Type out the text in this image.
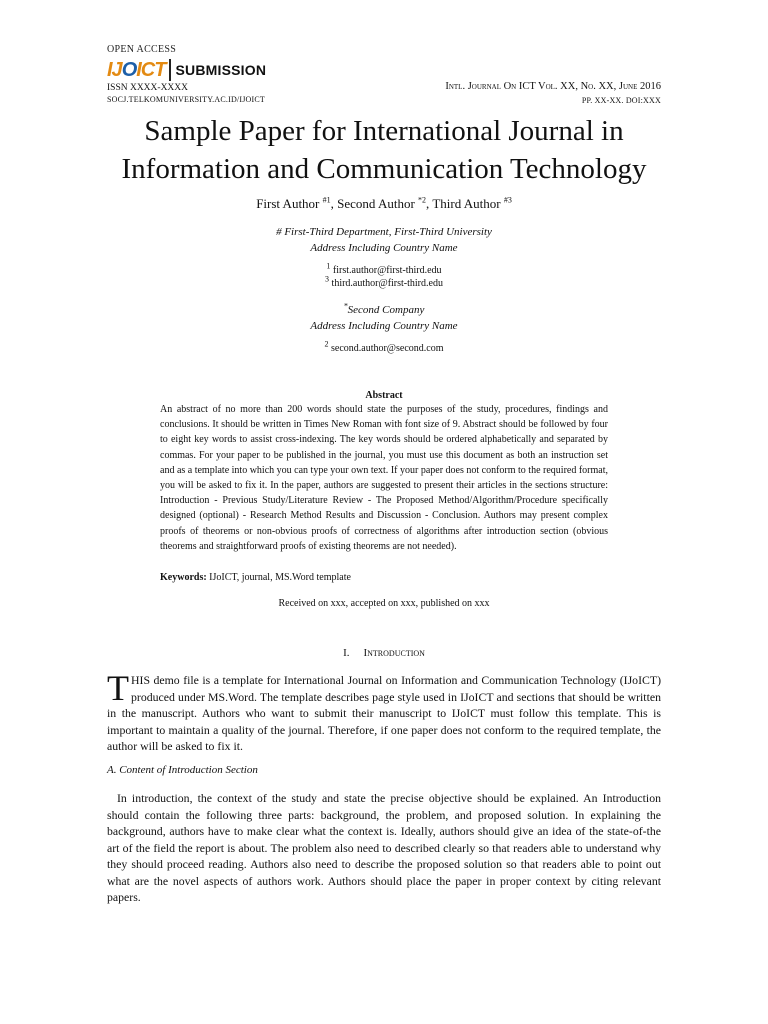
OPEN ACCESS
IJOICT SUBMISSION
ISSN XXXX-XXXX
SOCJ.TELKOMUNIVERSITY.AC.ID/IJOICT
Intl. Journal On ICT Vol. XX, No. XX, June 2016
PP. XX-XX. DOI:XXX
Sample Paper for International Journal in Information and Communication Technology
First Author $^{\#1}$, Second Author $^{*2}$, Third Author $^{\#3}$
# First-Third Department, First-Third University
Address Including Country Name
$^1$ first.author@first-third.edu
$^3$ third.author@first-third.edu
*Second Company
Address Including Country Name
$^2$ second.author@second.com
Abstract
An abstract of no more than 200 words should state the purposes of the study, procedures, findings and conclusions. It should be written in Times New Roman with font size of 9. Abstract should be followed by four to eight key words to assist cross-indexing. The key words should be ordered alphabetically and separated by commas. For your paper to be published in the journal, you must use this document as both an instruction set and as a template into which you can type your own text. If your paper does not conform to the required format, you will be asked to fix it. In the paper, authors are suggested to present their articles in the sections structure: Introduction - Previous Study/Literature Review - The Proposed Method/Algorithm/Procedure specifically designed (optional) - Research Method Results and Discussion - Conclusion. Authors may present complex proofs of theorems or non-obvious proofs of correctness of algorithms after introduction section (obvious theorems and straightforward proofs of existing theorems are not needed).
Keywords: IJoICT, journal, MS.Word template
Received on xxx, accepted on xxx, published on xxx
I. Introduction
THIS demo file is a template for International Journal on Information and Communication Technology (IJoICT) produced under MS.Word. The template describes page style used in IJoICT and sections that should be written in the manuscript. Authors who want to submit their manuscript to IJoICT must follow this template. This is important to maintain a quality of the journal. Therefore, if one paper does not conform to the required template, the author will be asked to fix it.
A. Content of Introduction Section
In introduction, the context of the study and state the precise objective should be explained. An Introduction should contain the following three parts: background, the problem, and proposed solution. In explaining the background, authors have to make clear what the context is. Ideally, authors should give an idea of the state-of-the art of the field the report is about. The problem also need to described clearly so that readers able to understand why they should proceed reading. Authors also need to describe the proposed solution so that readers able to point out what are the novel aspects of authors work. Authors should place the paper in proper context by citing relevant papers.
